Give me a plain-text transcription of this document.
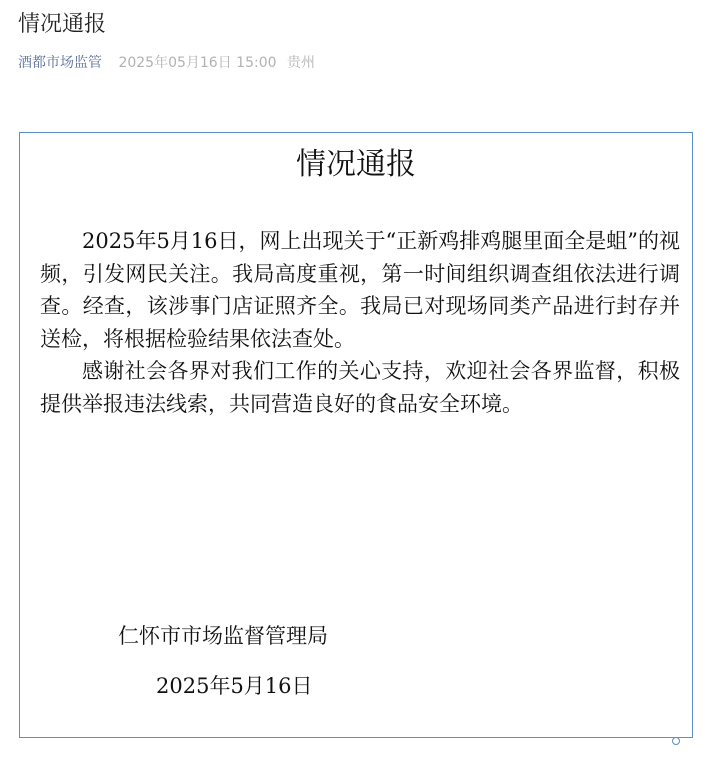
情况通报
酒都市场监管 2025年05月16日 15:00 贵州
情况通报

2025年5月16日，网上出现关于“正新鸡排鸡腿里面全是蛆”的视频，引发网民关注。我局高度重视，第一时间组织调查组依法进行调查。经查，该涉事门店证照齐全。我局已对现场同类产品进行封存并送检，将根据检验结果依法查处。

感谢社会各界对我们工作的关心支持，欢迎社会各界监督，积极提供举报违法线索，共同营造良好的食品安全环境。

仁怀市市场监督管理局
2025年5月16日
